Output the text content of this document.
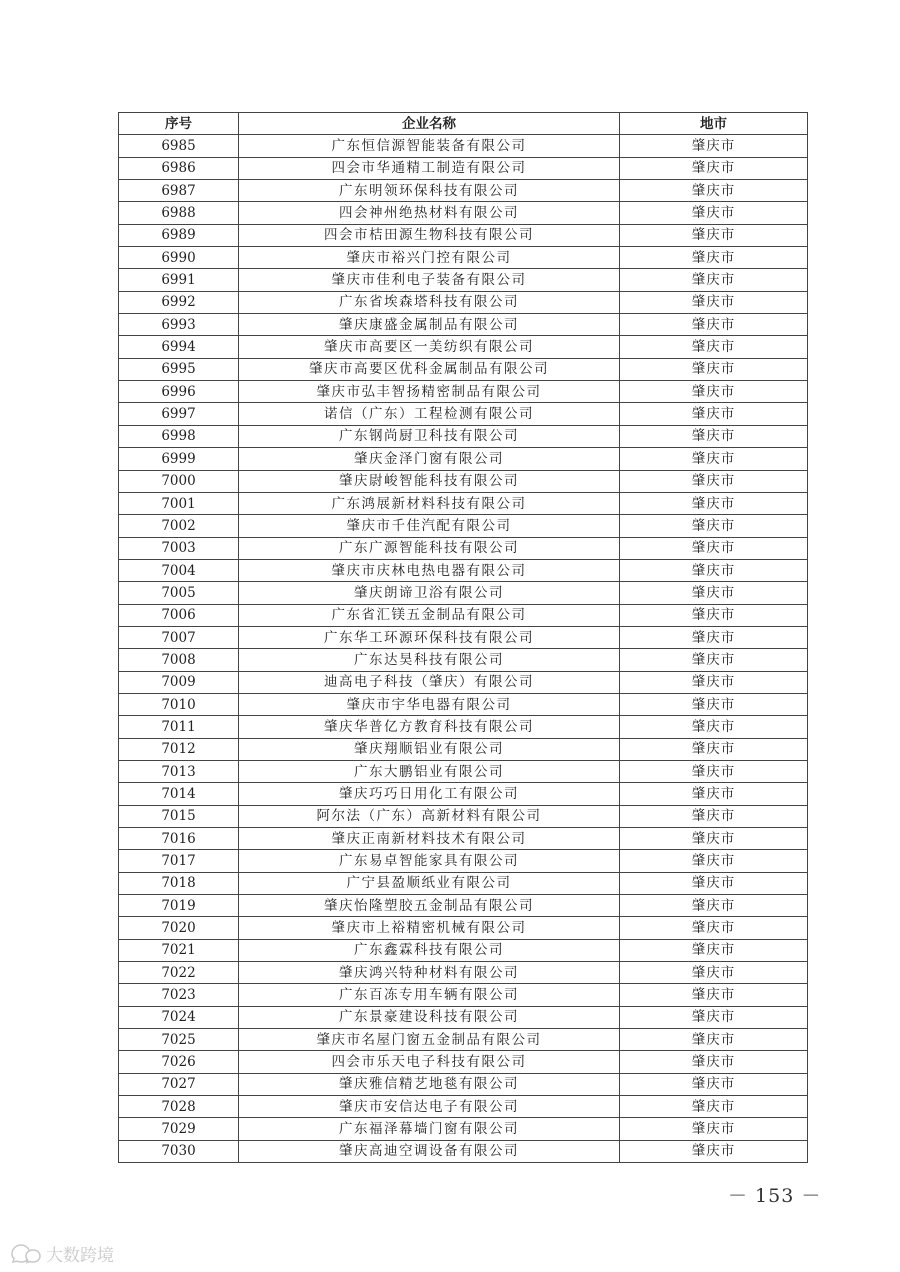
序号	企业名称	地市
6985	广东恒信源智能装备有限公司	肇庆市
6986	四会市华通精工制造有限公司	肇庆市
6987	广东明领环保科技有限公司	肇庆市
6988	四会神州绝热材料有限公司	肇庆市
6989	四会市桔田源生物科技有限公司	肇庆市
6990	肇庆市裕兴门控有限公司	肇庆市
6991	肇庆市佳利电子装备有限公司	肇庆市
6992	广东省埃森塔科技有限公司	肇庆市
6993	肇庆康盛金属制品有限公司	肇庆市
6994	肇庆市高要区一美纺织有限公司	肇庆市
6995	肇庆市高要区优科金属制品有限公司	肇庆市
6996	肇庆市弘丰智扬精密制品有限公司	肇庆市
6997	诺信（广东）工程检测有限公司	肇庆市
6998	广东钢尚厨卫科技有限公司	肇庆市
6999	肇庆金泽门窗有限公司	肇庆市
7000	肇庆尉峻智能科技有限公司	肇庆市
7001	广东鸿展新材料科技有限公司	肇庆市
7002	肇庆市千佳汽配有限公司	肇庆市
7003	广东广源智能科技有限公司	肇庆市
7004	肇庆市庆林电热电器有限公司	肇庆市
7005	肇庆朗谛卫浴有限公司	肇庆市
7006	广东省汇镁五金制品有限公司	肇庆市
7007	广东华工环源环保科技有限公司	肇庆市
7008	广东达昊科技有限公司	肇庆市
7009	迪高电子科技（肇庆）有限公司	肇庆市
7010	肇庆市宇华电器有限公司	肇庆市
7011	肇庆华普亿方教育科技有限公司	肇庆市
7012	肇庆翔顺铝业有限公司	肇庆市
7013	广东大鹏铝业有限公司	肇庆市
7014	肇庆巧巧日用化工有限公司	肇庆市
7015	阿尔法（广东）高新材料有限公司	肇庆市
7016	肇庆正南新材料技术有限公司	肇庆市
7017	广东易卓智能家具有限公司	肇庆市
7018	广宁县盈顺纸业有限公司	肇庆市
7019	肇庆怡隆塑胶五金制品有限公司	肇庆市
7020	肇庆市上裕精密机械有限公司	肇庆市
7021	广东鑫霖科技有限公司	肇庆市
7022	肇庆鸿兴特种材料有限公司	肇庆市
7023	广东百冻专用车辆有限公司	肇庆市
7024	广东景豪建设科技有限公司	肇庆市
7025	肇庆市名屋门窗五金制品有限公司	肇庆市
7026	四会市乐天电子科技有限公司	肇庆市
7027	肇庆雅信精艺地毯有限公司	肇庆市
7028	肇庆市安信达电子有限公司	肇庆市
7029	广东福泽幕墙门窗有限公司	肇庆市
7030	肇庆高迪空调设备有限公司	肇庆市
－ 153 －
大数跨境
